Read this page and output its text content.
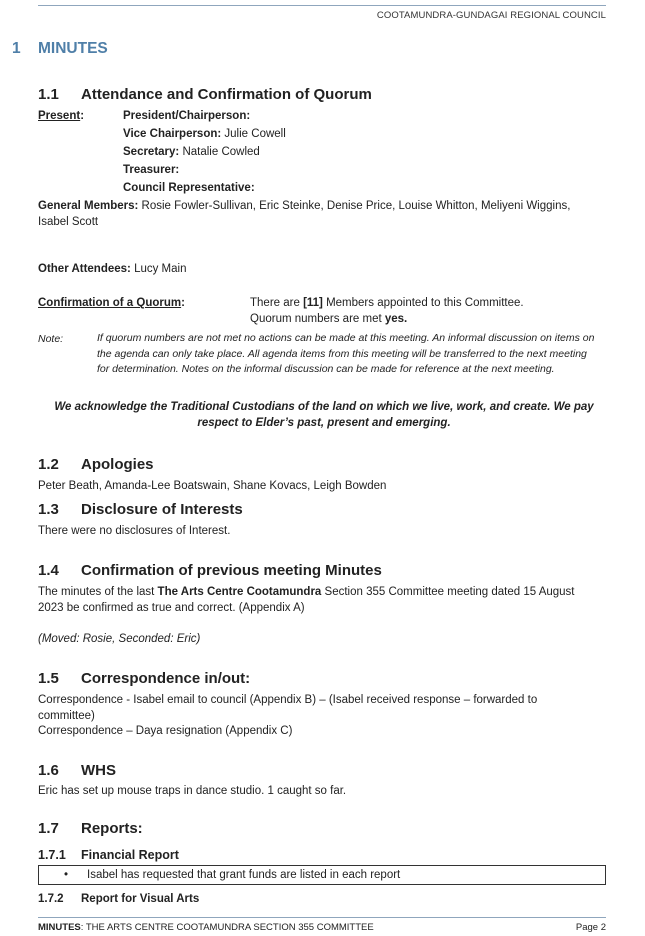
COOTAMUNDRA-GUNDAGAI REGIONAL COUNCIL
1 MINUTES
1.1 Attendance and Confirmation of Quorum
Present:	President/Chairperson:
Vice Chairperson: Julie Cowell
Secretary: Natalie Cowled
Treasurer:
Council Representative:
General Members: Rosie Fowler-Sullivan, Eric Steinke, Denise Price, Louise Whitton, Meliyeni Wiggins,
Isabel Scott
Other Attendees: Lucy Main
Confirmation of a Quorum:	There are [11] Members appointed to this Committee.
Quorum numbers are met yes.
Note:	If quorum numbers are not met no actions can be made at this meeting. An informal discussion on items on
the agenda can only take place. All agenda items from this meeting will be transferred to the next meeting
for determination. Notes on the informal discussion can be made for reference at the next meeting.
We acknowledge the Traditional Custodians of the land on which we live, work, and create. We pay
respect to Elder’s past, present and emerging.
1.2 Apologies
Peter Beath, Amanda-Lee Boatswain, Shane Kovacs, Leigh Bowden
1.3 Disclosure of Interests
There were no disclosures of Interest.
1.4 Confirmation of previous meeting Minutes
The minutes of the last The Arts Centre Cootamundra Section 355 Committee meeting dated 15 August
2023 be confirmed as true and correct. (Appendix A)
(Moved: Rosie, Seconded: Eric)
1.5 Correspondence in/out:
Correspondence - Isabel email to council (Appendix B) – (Isabel received response – forwarded to
committee)
Correspondence – Daya resignation (Appendix C)
1.6 WHS
Eric has set up mouse traps in dance studio. 1 caught so far.
1.7 Reports:
1.7.1 Financial Report
• Isabel has requested that grant funds are listed in each report
1.7.2 Report for Visual Arts
MINUTES: THE ARTS CENTRE COOTAMUNDRA SECTION 355 COMMITTEE	Page 2
